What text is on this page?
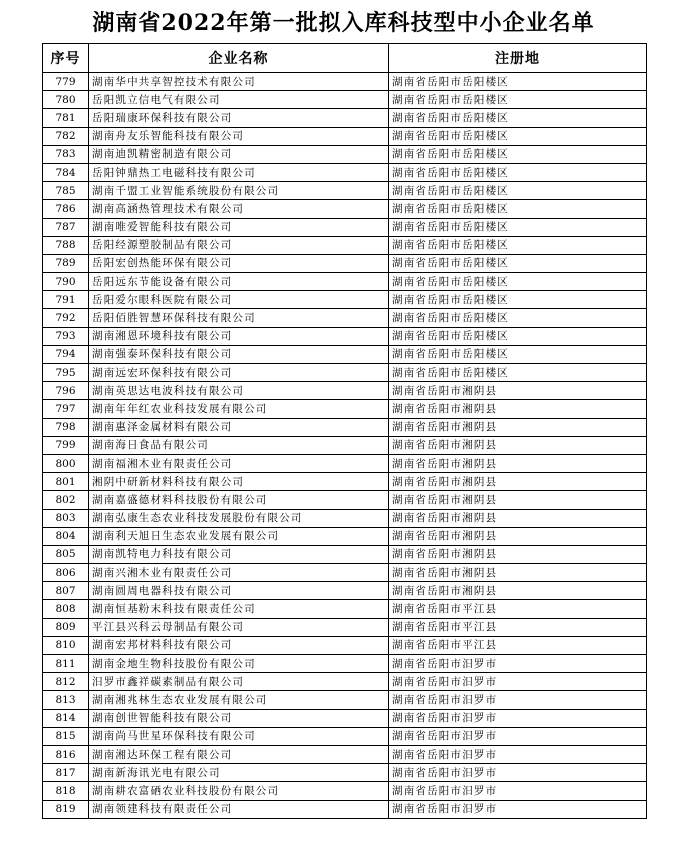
湖南省2022年第一批拟入库科技型中小企业名单
序号	企业名称	注册地
779	湖南华中共享智控技术有限公司	湖南省岳阳市岳阳楼区
780	岳阳凯立信电气有限公司	湖南省岳阳市岳阳楼区
781	岳阳瑞康环保科技有限公司	湖南省岳阳市岳阳楼区
782	湖南舟友乐智能科技有限公司	湖南省岳阳市岳阳楼区
783	湖南迪凯精密制造有限公司	湖南省岳阳市岳阳楼区
784	岳阳钟鼎热工电磁科技有限公司	湖南省岳阳市岳阳楼区
785	湖南千盟工业智能系统股份有限公司	湖南省岳阳市岳阳楼区
786	湖南高涵热管理技术有限公司	湖南省岳阳市岳阳楼区
787	湖南唯爱智能科技有限公司	湖南省岳阳市岳阳楼区
788	岳阳经源塑胶制品有限公司	湖南省岳阳市岳阳楼区
789	岳阳宏创热能环保有限公司	湖南省岳阳市岳阳楼区
790	岳阳远东节能设备有限公司	湖南省岳阳市岳阳楼区
791	岳阳爱尔眼科医院有限公司	湖南省岳阳市岳阳楼区
792	岳阳佰胜智慧环保科技有限公司	湖南省岳阳市岳阳楼区
793	湖南湘恩环境科技有限公司	湖南省岳阳市岳阳楼区
794	湖南强泰环保科技有限公司	湖南省岳阳市岳阳楼区
795	湖南远宏环保科技有限公司	湖南省岳阳市岳阳楼区
796	湖南英思达电波科技有限公司	湖南省岳阳市湘阴县
797	湖南年年红农业科技发展有限公司	湖南省岳阳市湘阴县
798	湖南惠泽金属材料有限公司	湖南省岳阳市湘阴县
799	湖南海日食品有限公司	湖南省岳阳市湘阴县
800	湖南福湘木业有限责任公司	湖南省岳阳市湘阴县
801	湘阴中研新材料科技有限公司	湖南省岳阳市湘阴县
802	湖南嘉盛德材料科技股份有限公司	湖南省岳阳市湘阴县
803	湖南弘康生态农业科技发展股份有限公司	湖南省岳阳市湘阴县
804	湖南利天旭日生态农业发展有限公司	湖南省岳阳市湘阴县
805	湖南凯特电力科技有限公司	湖南省岳阳市湘阴县
806	湖南兴湘木业有限责任公司	湖南省岳阳市湘阴县
807	湖南圆周电器科技有限公司	湖南省岳阳市湘阴县
808	湖南恒基粉末科技有限责任公司	湖南省岳阳市平江县
809	平江县兴科云母制品有限公司	湖南省岳阳市平江县
810	湖南宏邦材料科技有限公司	湖南省岳阳市平江县
811	湖南金地生物科技股份有限公司	湖南省岳阳市汨罗市
812	汨罗市鑫祥碳素制品有限公司	湖南省岳阳市汨罗市
813	湖南湘兆林生态农业发展有限公司	湖南省岳阳市汨罗市
814	湖南创世智能科技有限公司	湖南省岳阳市汨罗市
815	湖南尚马世星环保科技有限公司	湖南省岳阳市汨罗市
816	湖南湘达环保工程有限公司	湖南省岳阳市汨罗市
817	湖南新海讯光电有限公司	湖南省岳阳市汨罗市
818	湖南耕农富硒农业科技股份有限公司	湖南省岳阳市汨罗市
819	湖南领建科技有限责任公司	湖南省岳阳市汨罗市
